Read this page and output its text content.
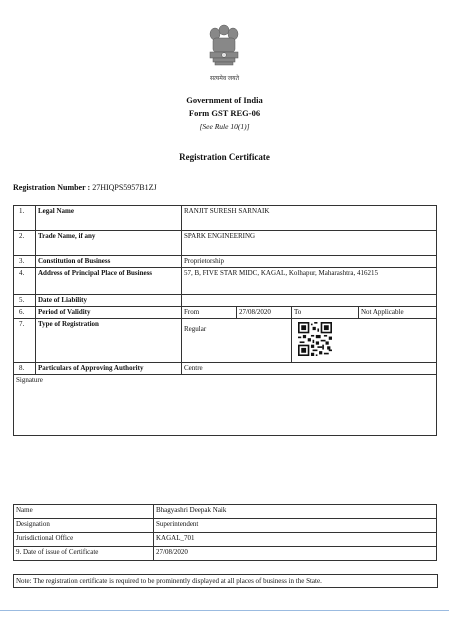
सत्यमेव जयते
Government of India
Form GST REG-06
[See Rule 10(1)]
Registration Certificate
Registration Number : 27HIQPS5957B1ZJ
1.	Legal Name	RANJIT SURESH SARNAIK			
2.	Trade Name, if any	SPARK ENGINEERING			
3.	Constitution of Business	Proprietorship			
4.	Address of Principal Place of Business	57, B, FIVE STAR MIDC, KAGAL, Kolhapur, Maharashtra, 416215			
5.	Date of Liability				
6.	Period of Validity	From	27/08/2020	To	Not Applicable
7.	Type of Registration	Regular	
8.	Particulars of Approving Authority	Centre			
Signature					
Name	Bhagyashri Deepak Naik
Designation	Superintendent
Jurisdictional Office	KAGAL_701
9. Date of issue of Certificate	27/08/2020
Note: The registration certificate is required to be prominently displayed at all places of business in the State.
